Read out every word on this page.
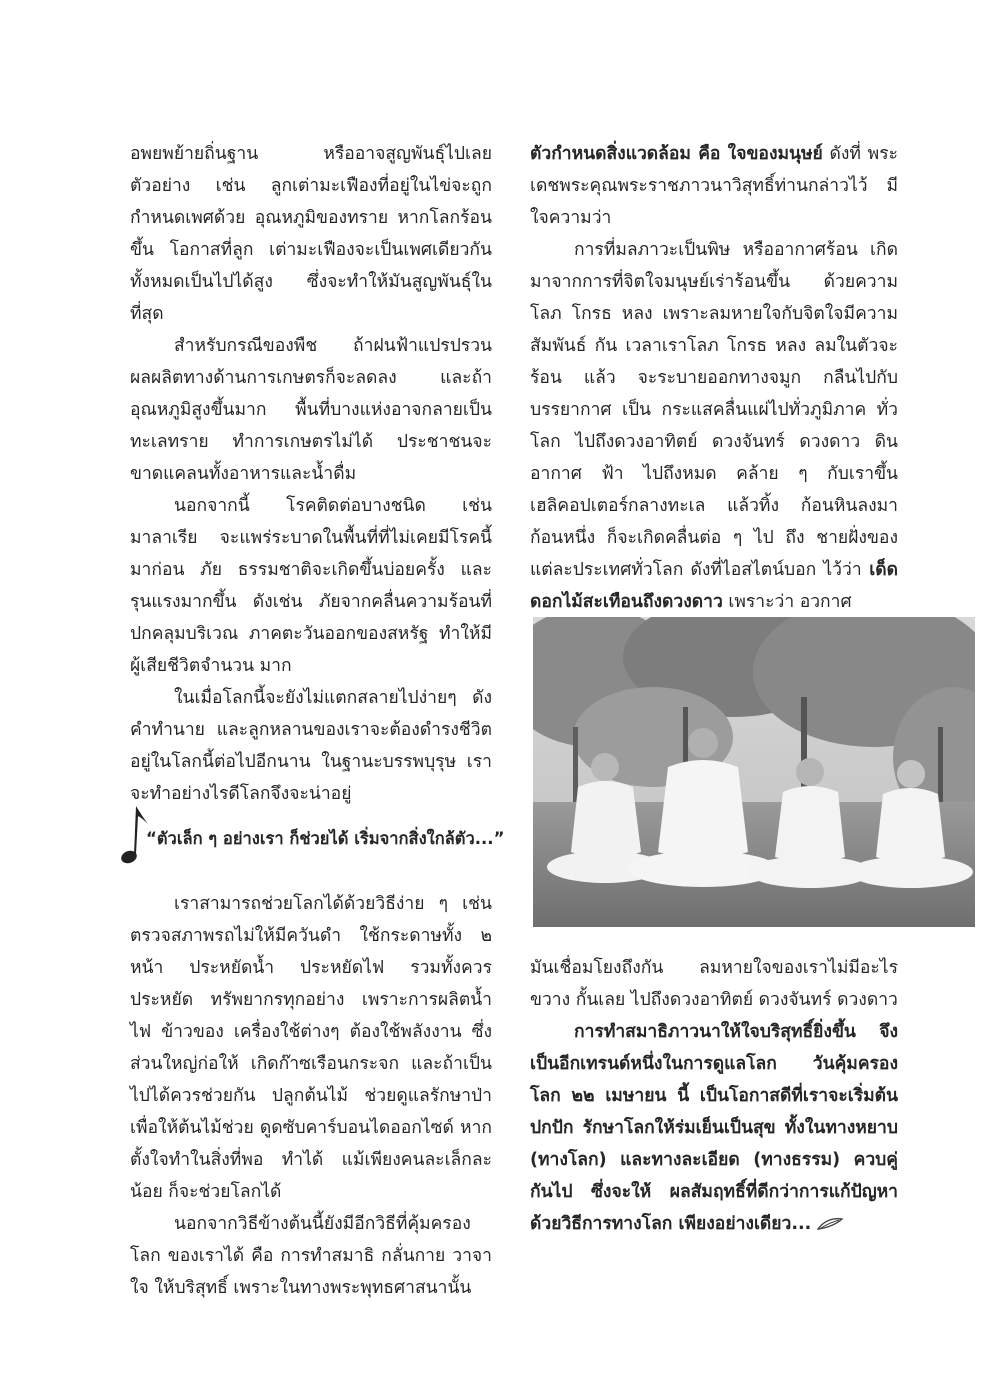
อพยพย้ายถิ่นฐาน หรืออาจสูญพันธุ์ไปเลย ตัวอย่าง เช่น ลูกเต่ามะเฟืองที่อยู่ในไข่จะถูกกำหนดเพศด้วย อุณหภูมิของทราย หากโลกร้อนขึ้น โอกาสที่ลูก เต่ามะเฟืองจะเป็นเพศเดียวกันทั้งหมดเป็นไปได้สูง ซึ่งจะทำให้มันสูญพันธุ์ในที่สุด

สำหรับกรณีของพืช ถ้าฝนฟ้าแปรปรวน ผลผลิตทางด้านการเกษตรก็จะลดลง และถ้า อุณหภูมิสูงขึ้นมาก พื้นที่บางแห่งอาจกลายเป็น ทะเลทราย ทำการเกษตรไม่ได้ ประชาชนจะ ขาดแคลนทั้งอาหารและน้ำดื่ม

นอกจากนี้ โรคติดต่อบางชนิด เช่น มาลาเรีย จะแพร่ระบาดในพื้นที่ที่ไม่เคยมีโรคนี้มาก่อน ภัย ธรรมชาติจะเกิดขึ้นบ่อยครั้ง และรุนแรงมากขึ้น ดังเช่น ภัยจากคลื่นความร้อนที่ปกคลุมบริเวณ ภาคตะวันออกของสหรัฐ ทำให้มีผู้เสียชีวิตจำนวน มาก

ในเมื่อโลกนี้จะยังไม่แตกสลายไปง่ายๆ ดัง คำทำนาย และลูกหลานของเราจะต้องดำรงชีวิต อยู่ในโลกนี้ต่อไปอีกนาน ในฐานะบรรพบุรุษ เรา จะทำอย่างไรดีโลกจึงจะน่าอยู่

“ตัวเล็ก ๆ อย่างเรา ก็ช่วยได้ เริ่มจากสิ่งใกล้ตัว...”

เราสามารถช่วยโลกได้ด้วยวิธีง่าย ๆ เช่น ตรวจสภาพรถไม่ให้มีควันดำ ใช้กระดาษทั้ง ๒ หน้า ประหยัดน้ำ ประหยัดไฟ รวมทั้งควรประหยัด ทรัพยากรทุกอย่าง เพราะการผลิตน้ำ ไฟ ข้าวของ เครื่องใช้ต่างๆ ต้องใช้พลังงาน ซึ่งส่วนใหญ่ก่อให้ เกิดก๊าซเรือนกระจก และถ้าเป็นไปได้ควรช่วยกัน ปลูกต้นไม้ ช่วยดูแลรักษาป่า เพื่อให้ต้นไม้ช่วย ดูดซับคาร์บอนไดออกไซด์ หากตั้งใจทำในสิ่งที่พอ ทำได้ แม้เพียงคนละเล็กละน้อย ก็จะช่วยโลกได้

นอกจากวิธีข้างต้นนี้ยังมีอีกวิธีที่คุ้มครองโลก ของเราได้ คือ การทำสมาธิ กลั่นกาย วาจา ใจ ให้บริสุทธิ์ เพราะในทางพระพุทธศาสนานั้น

ตัวกำหนดสิ่งแวดล้อม คือ ใจของมนุษย์ ดังที่ พระเดชพระคุณพระราชภาวนาวิสุทธิ์ท่านกล่าวไว้ มีใจความว่า

การที่มลภาวะเป็นพิษ หรืออากาศร้อน เกิด มาจากการที่จิตใจมนุษย์เร่าร้อนขึ้น ด้วยความโลภ โกรธ หลง เพราะลมหายใจกับจิตใจมีความสัมพันธ์ กัน เวลาเราโลภ โกรธ หลง ลมในตัวจะร้อน แล้ว จะระบายออกทางจมูก กลืนไปกับบรรยากาศ เป็น กระแสคลื่นแผ่ไปทั่วภูมิภาค ทั่วโลก ไปถึงดวงอาทิตย์ ดวงจันทร์ ดวงดาว ดิน อากาศ ฟ้า ไปถึงหมด คล้าย ๆ กับเราขึ้นเฮลิคอปเตอร์กลางทะเล แล้วทิ้ง ก้อนหินลงมาก้อนหนึ่ง ก็จะเกิดคลื่นต่อ ๆ ไป ถึง ชายฝั่งของแต่ละประเทศทั่วโลก ดังที่ไอสไตน์บอก ไว้ว่า เด็ดดอกไม้สะเทือนถึงดวงดาว เพราะว่า อวกาศ

มันเชื่อมโยงถึงกัน ลมหายใจของเราไม่มีอะไรขวาง กั้นเลย ไปถึงดวงอาทิตย์ ดวงจันทร์ ดวงดาว

การทำสมาธิภาวนาให้ใจบริสุทธิ์ยิ่งขึ้น จึงเป็นอีกเทรนด์หนึ่งในการดูแลโลก วันคุ้มครองโลก ๒๒ เมษายน นี้ เป็นโอกาสดีที่เราจะเริ่มต้นปกปัก รักษาโลกให้ร่มเย็นเป็นสุข ทั้งในทางหยาบ (ทางโลก) และทางละเอียด (ทางธรรม) ควบคู่กันไป ซึ่งจะให้ ผลสัมฤทธิ์ที่ดีกว่าการแก้ปัญหาด้วยวิธีการทางโลก เพียงอย่างเดียว...
